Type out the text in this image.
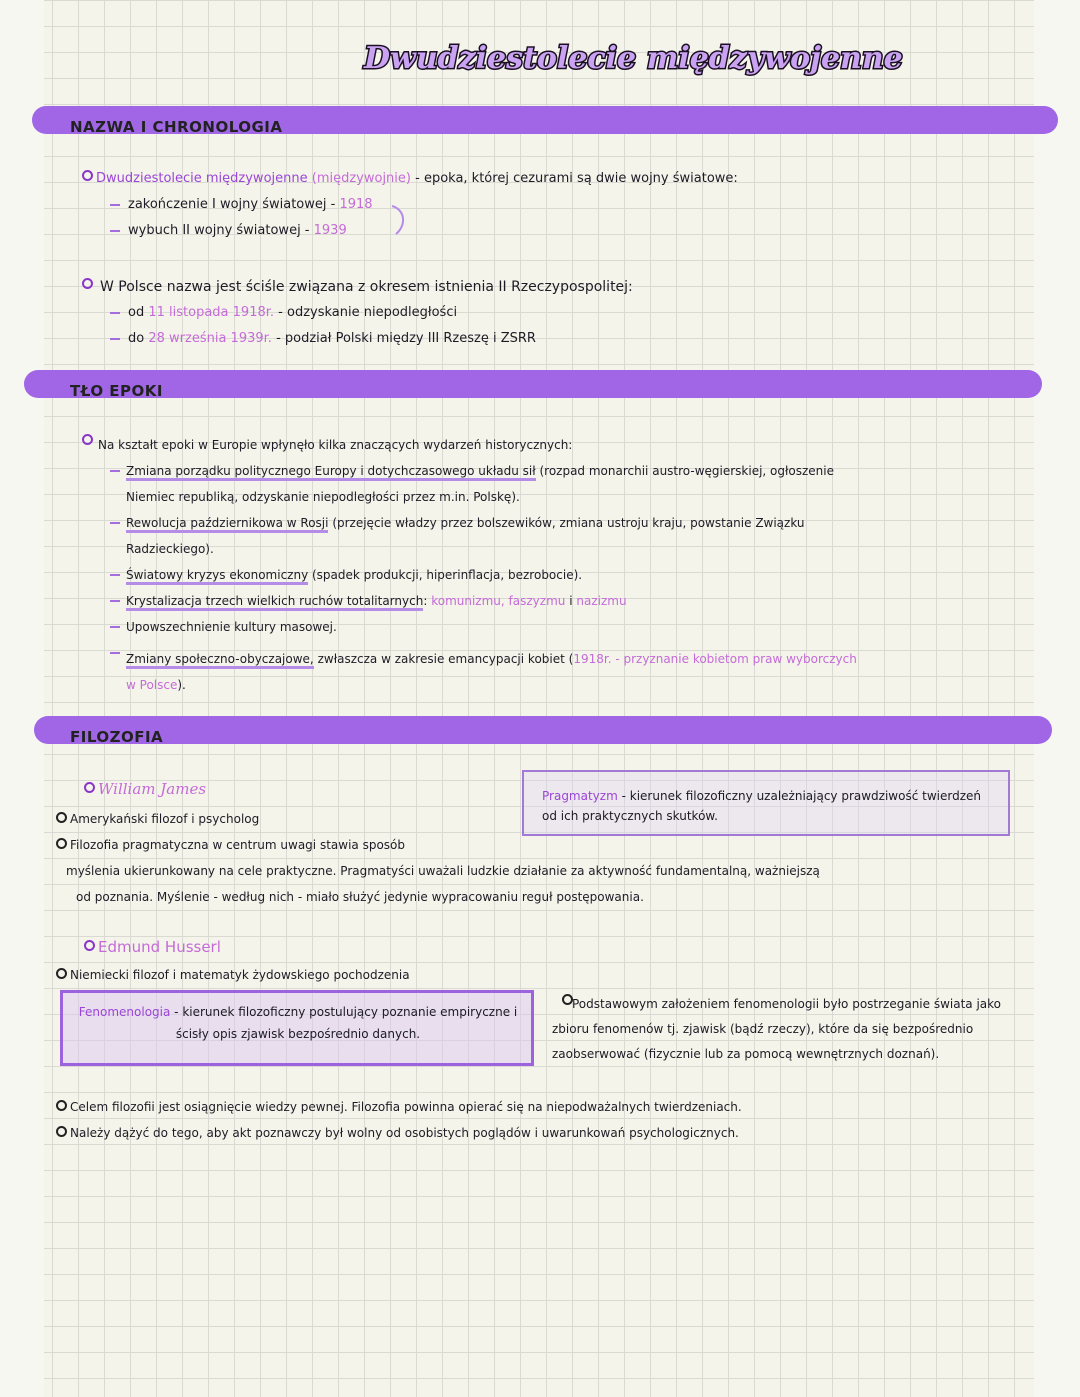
Dwudziestolecie międzywojenne
NAZWA I CHRONOLOGIA
TŁO EPOKI
FILOZOFIA
Dwudziestolecie międzywojenne (międzywojnie) - epoka, której cezurami są dwie wojny światowe:
zakończenie I wojny światowej - 1918
wybuch II wojny światowej - 1939
W Polsce nazwa jest ściśle związana z okresem istnienia II Rzeczypospolitej:
od 11 listopada 1918r. - odzyskanie niepodległości
do 28 września 1939r. - podział Polski między III Rzeszę i ZSRR
Na kształt epoki w Europie wpłynęło kilka znaczących wydarzeń historycznych:
Zmiana porządku politycznego Europy i dotychczasowego układu sił (rozpad monarchii austro-węgierskiej, ogłoszenie
Niemiec republiką, odzyskanie niepodległości przez m.in. Polskę).
Rewolucja październikowa w Rosji (przejęcie władzy przez bolszewików, zmiana ustroju kraju, powstanie Związku
Radzieckiego).
Światowy kryzys ekonomiczny (spadek produkcji, hiperinflacja, bezrobocie).
Krystalizacja trzech wielkich ruchów totalitarnych: komunizmu, faszyzmu i nazizmu
Upowszechnienie kultury masowej.
Zmiany społeczno-obyczajowe, zwłaszcza w zakresie emancypacji kobiet (1918r. - przyznanie kobietom praw wyborczych
w Polsce).
William James	Pragmatyzm - kierunek filozoficzny uzależniający prawdziwość twierdzeń od ich praktycznych skutków.
Amerykański filozof i psycholog
Filozofia pragmatyczna w centrum uwagi stawia sposób
myślenia ukierunkowany na cele praktyczne. Pragmatyści uważali ludzkie działanie za aktywność fundamentalną, ważniejszą
od poznania. Myślenie - według nich - miało służyć jedynie wypracowaniu reguł postępowania.
Edmund Husserl
Niemiecki filozof i matematyk żydowskiego pochodzenia
Fenomenologia - kierunek filozoficzny postulujący poznanie empiryczne i ścisły opis zjawisk bezpośrednio danych.
Podstawowym założeniem fenomenologii było postrzeganie świata jako zbioru fenomenów tj. zjawisk (bądź rzeczy), które da się bezpośrednio zaobserwować (fizycznie lub za pomocą wewnętrznych doznań).
Celem filozofii jest osiągnięcie wiedzy pewnej. Filozofia powinna opierać się na niepodważalnych twierdzeniach.
Należy dążyć do tego, aby akt poznawczy był wolny od osobistych poglądów i uwarunkowań psychologicznych.
